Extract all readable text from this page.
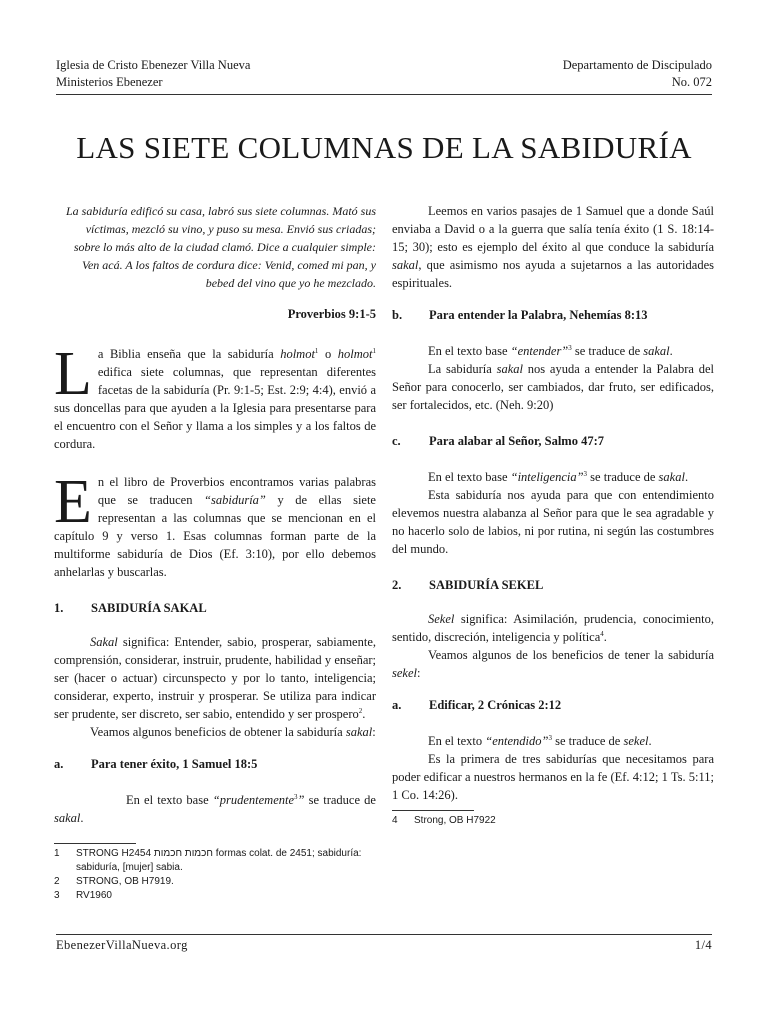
Iglesia de Cristo Ebenezer Villa Nueva
Ministerios Ebenezer
Departamento de Discipulado
No. 072
LAS SIETE COLUMNAS DE LA SABIDURÍA

La sabiduría edificó su casa, labró sus siete columnas. Mató sus víctimas, mezcló su vino, y puso su mesa. Envió sus criadas; sobre lo más alto de la ciudad clamó. Dice a cualquier simple: Ven acá. A los faltos de cordura dice: Venid, comed mi pan, y bebed del vino que yo he mezclado.

Proverbios 9:1-5

La Biblia enseña que la sabiduría holmot$^1$ o holmot$^1$ edifica siete columnas, que representan diferentes facetas de la sabiduría (Pr. 9:1-5; Est. 2:9; 4:4), envió a sus doncellas para que ayuden a la Iglesia para presentarse para el encuentro con el Señor y llama a los simples y a los faltos de cordura.

En el libro de Proverbios encontramos varias palabras que se traducen “sabiduría” y de ellas siete representan a las columnas que se mencionan en el capítulo 9 y verso 1. Esas columnas forman parte de la multiforme sabiduría de Dios (Ef. 3:10), por ello debemos anhelarlas y buscarlas.

1.	SABIDURÍA SAKAL

Sakal significa: Entender, sabio, prosperar, sabiamente, comprensión, considerar, instruir, prudente, habilidad y enseñar; ser (hacer o actuar) circunspecto y por lo tanto, inteligencia; considerar, experto, instruir y prosperar. Se utiliza para indicar ser prudente, ser discreto, ser sabio, entendido y ser prospero$^2$.

Veamos algunos beneficios de obtener la sabiduría sakal:

a.	Para tener éxito, 1 Samuel 18:5

En el texto base “prudentemente$^3$” se traduce de sakal.

1	STRONG H2454 חכמות חכמות formas colat. de 2451; sabiduría: sabiduría, [mujer] sabia.
2	STRONG, OB H7919.
3	RV1960

Leemos en varios pasajes de 1 Samuel que a donde Saúl enviaba a David o a la guerra que salía tenía éxito (1 S. 18:14-15; 30); esto es ejemplo del éxito al que conduce la sabiduría sakal, que asimismo nos ayuda a sujetarnos a las autoridades espirituales.

b.	Para entender la Palabra, Nehemías 8:13

En el texto base “entender”$^3$ se traduce de sakal.

La sabiduría sakal nos ayuda a entender la Palabra del Señor para conocerlo, ser cambiados, dar fruto, ser edificados, ser fortalecidos, etc. (Neh. 9:20)

c.	Para alabar al Señor, Salmo 47:7

En el texto base “inteligencia”$^3$ se traduce de sakal.

Esta sabiduría nos ayuda para que con entendimiento elevemos nuestra alabanza al Señor para que le sea agradable y no hacerlo solo de labios, ni por rutina, ni según las costumbres del mundo.

2.	SABIDURÍA SEKEL

Sekel significa: Asimilación, prudencia, conocimiento, sentido, discreción, inteligencia y política$^4$.

Veamos algunos de los beneficios de tener la sabiduría sekel:

a.	Edificar, 2 Crónicas 2:12

En el texto “entendido”$^3$ se traduce de sekel.

Es la primera de tres sabidurías que necesitamos para poder edificar a nuestros hermanos en la fe (Ef. 4:12; 1 Ts. 5:11; 1 Co. 14:26).

4	Strong, OB H7922
EbenezerVillaNueva.org	1/4
